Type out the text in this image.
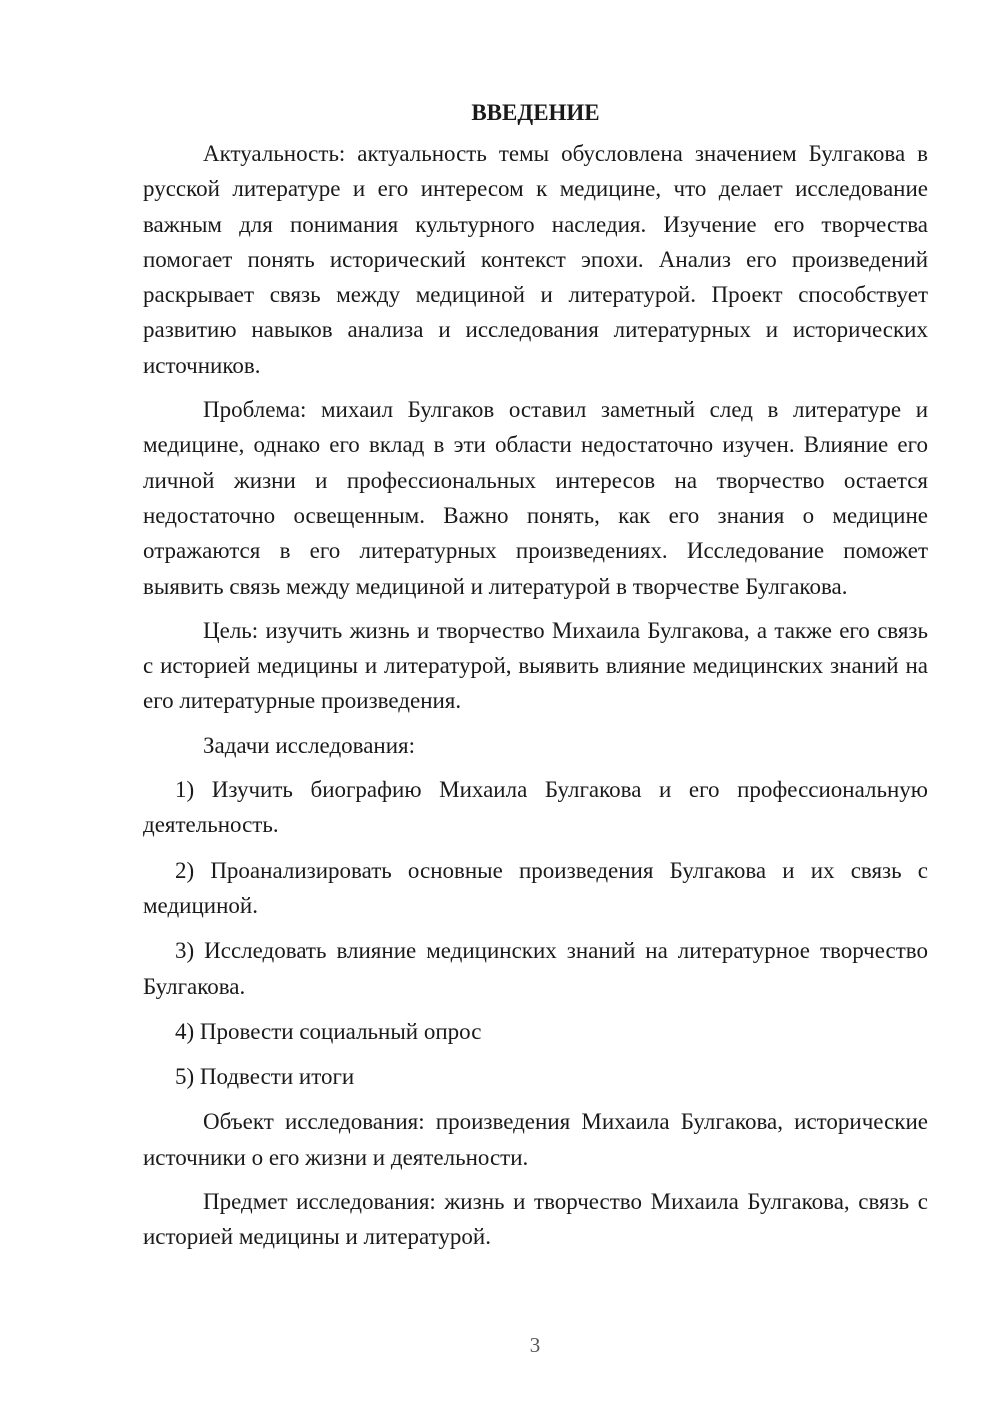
ВВЕДЕНИЕ

Актуальность: актуальность темы обусловлена значением Булгакова в русской литературе и его интересом к медицине, что делает исследование важным для понимания культурного наследия. Изучение его творчества помогает понять исторический контекст эпохи. Анализ его произведений раскрывает связь между медициной и литературой. Проект способствует развитию навыков анализа и исследования литературных и исторических источников.

Проблема: михаил Булгаков оставил заметный след в литературе и медицине, однако его вклад в эти области недостаточно изучен. Влияние его личной жизни и профессиональных интересов на творчество остается недостаточно освещенным. Важно понять, как его знания о медицине отражаются в его литературных произведениях. Исследование поможет выявить связь между медициной и литературой в творчестве Булгакова.

Цель: изучить жизнь и творчество Михаила Булгакова, а также его связь с историей медицины и литературой, выявить влияние медицинских знаний на его литературные произведения.

Задачи исследования:

1) Изучить биографию Михаила Булгакова и его профессиональную деятельность.

2) Проанализировать основные произведения Булгакова и их связь с медициной.

3) Исследовать влияние медицинских знаний на литературное творчество Булгакова.

4) Провести социальный опрос

5) Подвести итоги

Объект исследования: произведения Михаила Булгакова, исторические источники о его жизни и деятельности.

Предмет исследования: жизнь и творчество Михаила Булгакова, связь с историей медицины и литературой.

3
